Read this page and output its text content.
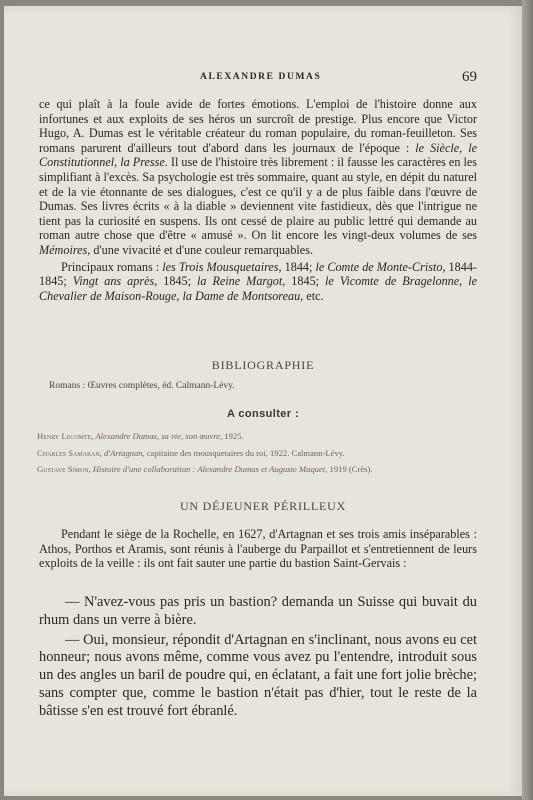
ALEXANDRE DUMAS	69

ce qui plaît à la foule avide de fortes émotions. L'emploi de l'histoire donne aux infortunes et aux exploits de ses héros un surcroît de prestige. Plus encore que Victor Hugo, A. Dumas est le véritable créateur du roman populaire, du roman-feuilleton. Ses romans parurent d'ailleurs tout d'abord dans les journaux de l'époque : le Siècle, le Constitutionnel, la Presse. Il use de l'histoire très librement : il fausse les caractères en les simplifiant à l'excès. Sa psychologie est très sommaire, quant au style, en dépit du naturel et de la vie étonnante de ses dialogues, c'est ce qu'il y a de plus faible dans l'œuvre de Dumas. Ses livres écrits « à la diable » deviennent vite fastidieux, dès que l'intrigue ne tient pas la curiosité en suspens. Ils ont cessé de plaire au public lettré qui demande au roman autre chose que d'être « amusé ». On lit encore les vingt-deux volumes de ses Mémoires, d'une vivacité et d'une couleur remarquables.

Principaux romans : les Trois Mousquetaires, 1844; le Comte de Monte-Cristo, 1844-1845; Vingt ans après, 1845; la Reine Margot, 1845; le Vicomte de Bragelonne, le Chevalier de Maison-Rouge, la Dame de Montsoreau, etc.

BIBLIOGRAPHIE
Romans : Œuvres complètes, éd. Calmann-Lévy.
A consulter :

Henry Lecomte, Alexandre Dumas, sa vie, son œuvre, 1925.

Charles Samaran, d'Artagnan, capitaine des mousquetaires du roi, 1922. Calmann-Lévy.

Gustave Simon, Histoire d'une collaboration : Alexandre Dumas et Auguste Maquet, 1919 (Crès).

UN DÉJEUNER PÉRILLEUX

Pendant le siège de la Rochelle, en 1627, d'Artagnan et ses trois amis inséparables : Athos, Porthos et Aramis, sont réunis à l'auberge du Parpaillot et s'entretiennent de leurs exploits de la veille : ils ont fait sauter une partie du bastion Saint-Gervais :

— N'avez-vous pas pris un bastion? demanda un Suisse qui buvait du rhum dans un verre à bière.

— Oui, monsieur, répondit d'Artagnan en s'inclinant, nous avons eu cet honneur; nous avons même, comme vous avez pu l'entendre, introduit sous un des angles un baril de poudre qui, en éclatant, a fait une fort jolie brèche; sans compter que, comme le bastion n'était pas d'hier, tout le reste de la bâtisse s'en est trouvé fort ébranlé.
